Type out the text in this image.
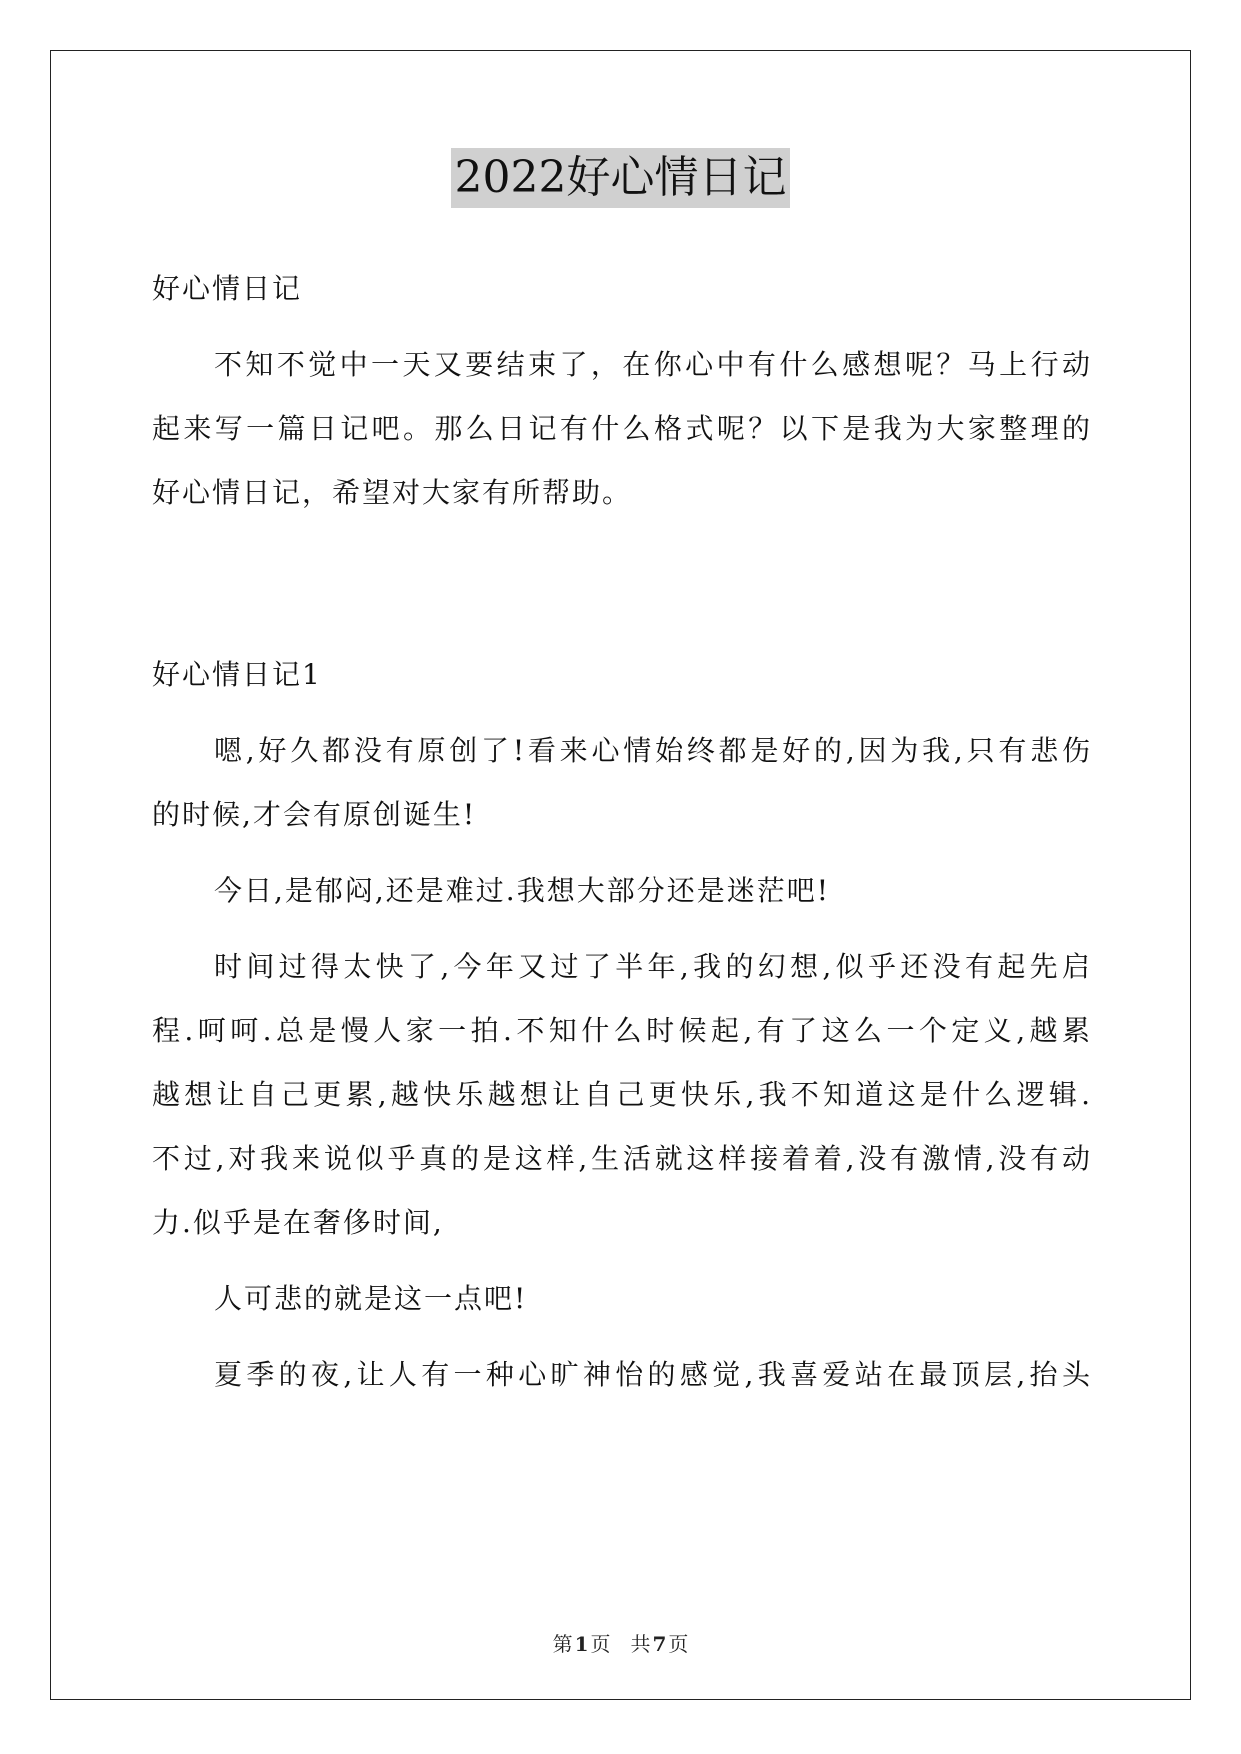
2022好心情日记
好心情日记
不知不觉中一天又要结束了，在你心中有什么感想呢？马上行动
起来写一篇日记吧。那么日记有什么格式呢？以下是我为大家整理的
好心情日记，希望对大家有所帮助。
好心情日记1
嗯,好久都没有原创了!看来心情始终都是好的,因为我,只有悲伤
的时候,才会有原创诞生!
今日,是郁闷,还是难过.我想大部分还是迷茫吧!
时间过得太快了,今年又过了半年,我的幻想,似乎还没有起先启
程.呵呵.总是慢人家一拍.不知什么时候起,有了这么一个定义,越累
越想让自己更累,越快乐越想让自己更快乐,我不知道这是什么逻辑.
不过,对我来说似乎真的是这样,生活就这样接着着,没有激情,没有动
力.似乎是在奢侈时间,
人可悲的就是这一点吧!
夏季的夜,让人有一种心旷神怡的感觉,我喜爱站在最顶层,抬头
第 1 页　共 7 页
